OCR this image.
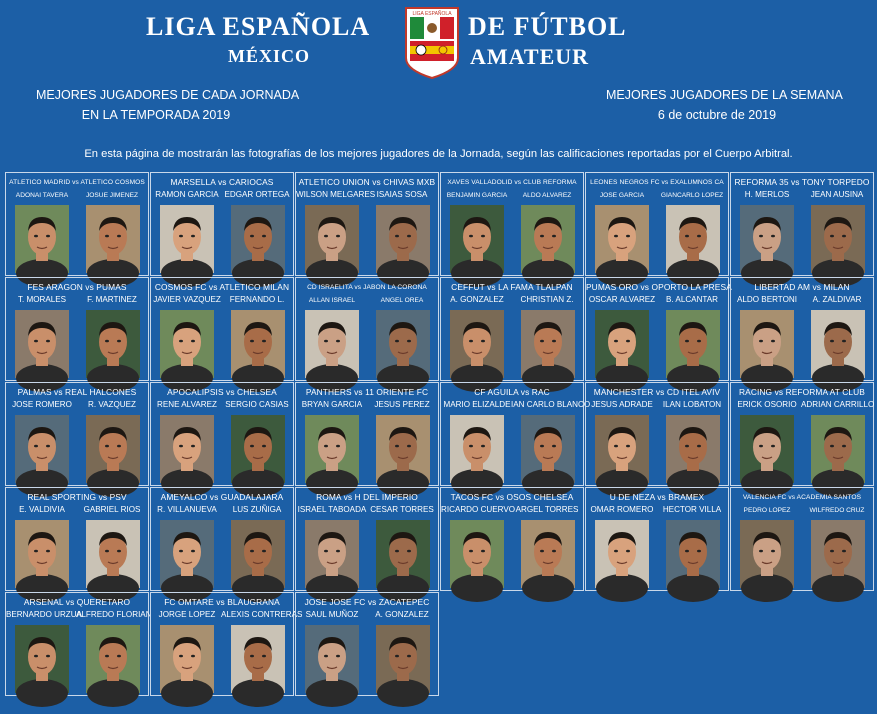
LIGA ESPAÑOLA	DE FÚTBOL
MÉXICO	AMATEUR
LIGA ESPAÑOLA
MEJORES JUGADORES DE CADA JORNADA
EN LA TEMPORADA 2019
MEJORES JUGADORES DE LA SEMANA
6 de octubre de 2019
En esta página de mostrarán las fotografías de los mejores jugadores de la Jornada, según las calificaciones reportadas por el Cuerpo Arbitral.
ATLETICO MADRID vs ATLETICO COSMOS
ADONAI TAVERA	JOSUE JIMENEZ
MARSELLA vs CARIOCAS
RAMON GARCIA EDGAR ORTEGA
ATLETICO UNION vs CHIVAS MXB
WILSON MELGARES ISAIAS SOSA
XAVES VALLADOLID vs CLUB REFORMA
BENJAMIN GARCIA	ALDO ALVAREZ
LEONES NEGROS FC vs EXALUMNOS CA
JOSE GARCIA	GIANCARLO LOPEZ
REFORMA 35 vs TONY TORPEDO
H. MERLOS	JEAN AUSINA
FES ARAGON vs PUMAS
T. MORALES	F. MARTINEZ
COSMOS FC vs ATLETICO MILAN
JAVIER VAZQUEZ	FERNANDO L.
CD ISRAELITA vs JABON LA CORONA
ALLAN ISRAEL	ANGEL OREA
CEFFUT vs LA FAMA TLALPAN
A. GONZALEZ	CHRISTIAN Z.
PUMAS ORO vs OPORTO LA PRESA
OSCAR ALVAREZ	B. ALCANTAR
LIBERTAD AM vs MILAN
ALDO BERTONI	A. ZALDIVAR
PALMAS vs REAL HALCONES
JOSE ROMERO	R. VAZQUEZ
APOCALIPSIS vs CHELSEA
RENE ALVAREZ	SERGIO CASIAS
PANTHERS vs 11 ORIENTE FC
BRYAN GARCIA	JESUS PEREZ
CF AGUILA vs RAC
MARIO ELIZALDE IAN CARLO BLANCO
MANCHESTER vs CD ITEL AVIV
JESUS ADRADE	ILAN LOBATON
RACING vs REFORMA AT CLUB
ERICK OSORIO ADRIAN CARRILLO
REAL SPORTING vs PSV
E. VALDIVIA	GABRIEL RIOS
AMEYALCO vs GUADALAJARA
R. VILLANUEVA	LUS ZUÑIGA
ROMA vs H DEL IMPERIO
ISRAEL TABOADA CESAR TORRES
TACOS FC vs OSOS CHELSEA
RICARDO CUERVO ARGEL TORRES
U DE NEZA vs BRAMEX
OMAR ROMERO	HECTOR VILLA
VALENCIA FC vs ACADEMIA SANTOS
PEDRO LOPEZ	WILFREDO CRUZ
ARSENAL vs QUERETARO
BERNARDO URZUA
ALFREDO FLORIAN
FC OMTARE vs BLAUGRANA
JORGE LOPEZ ALEXIS CONTRERAS
JOSE JOSE FC vs ZACATEPEC
SAUL MUÑOZ	A. GONZALEZ
